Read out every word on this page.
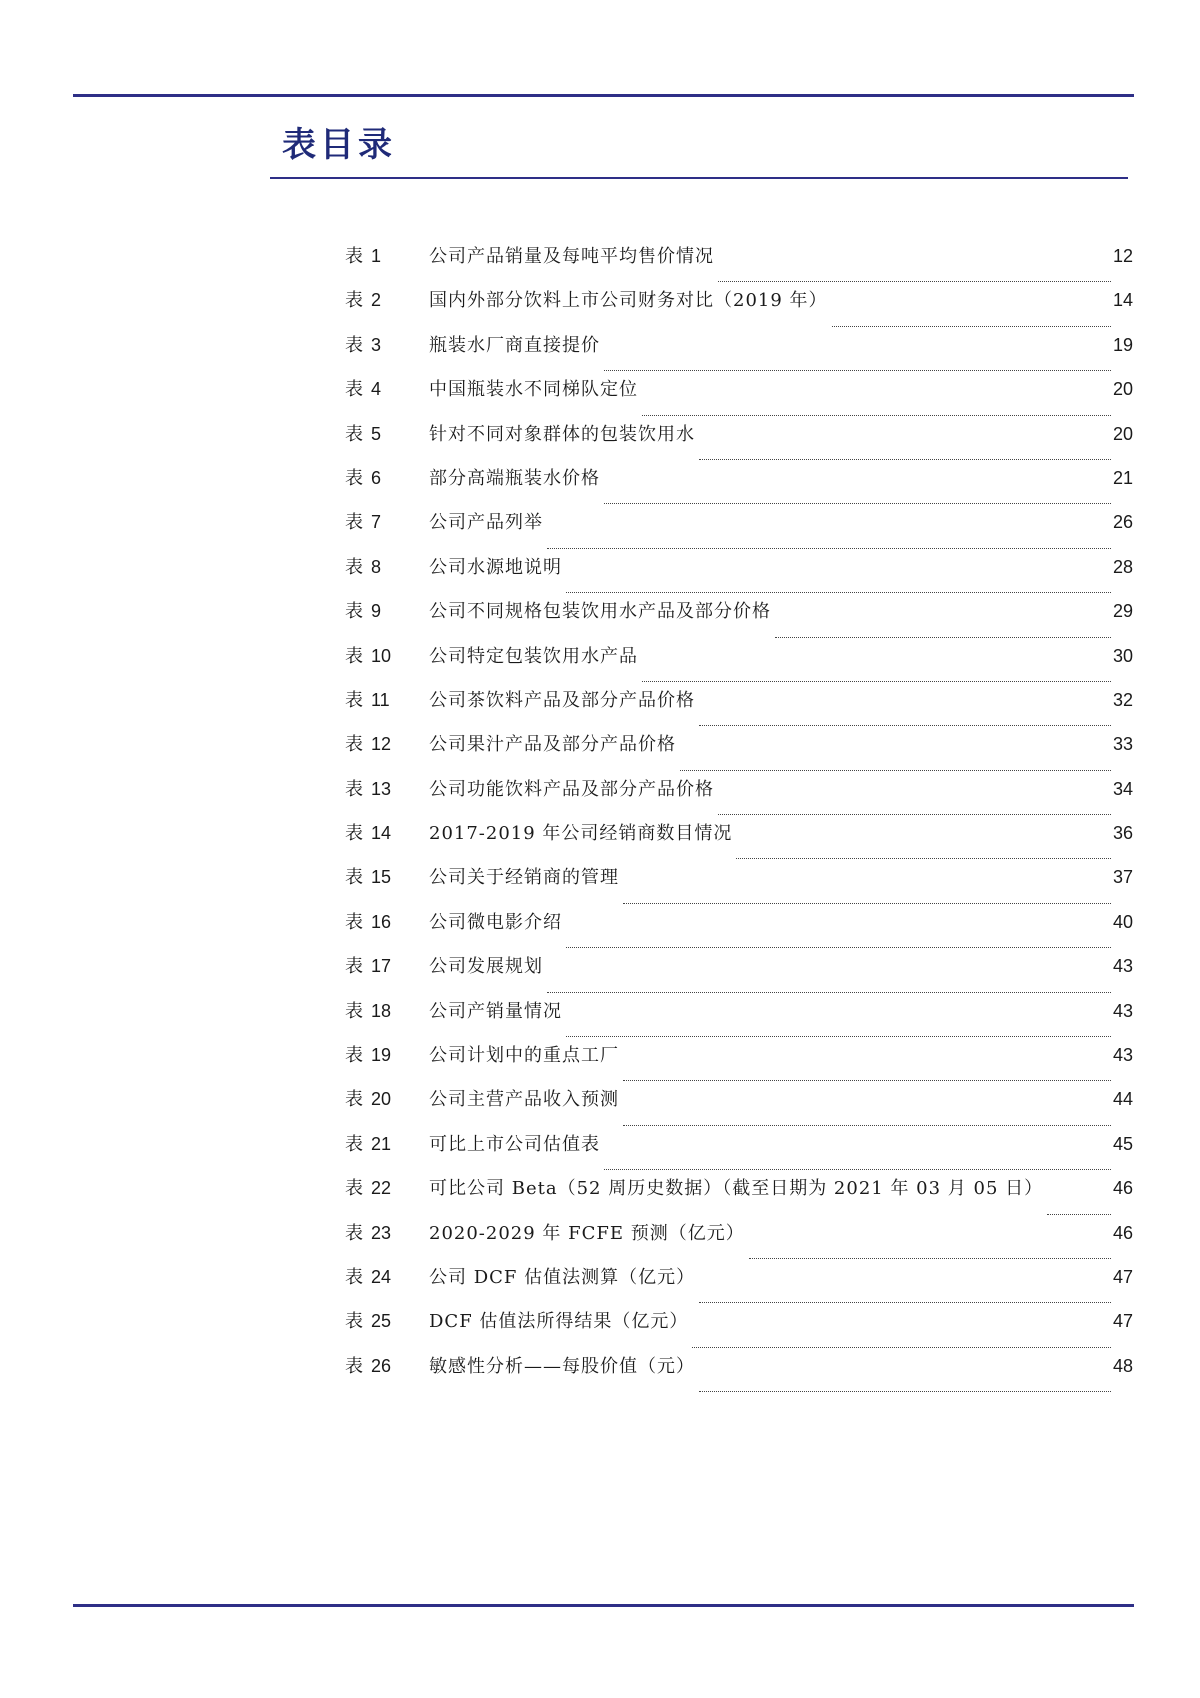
表目录
表 1	公司产品销量及每吨平均售价情况	12
表 2	国内外部分饮料上市公司财务对比（2019 年）	14
表 3	瓶装水厂商直接提价	19
表 4	中国瓶装水不同梯队定位	20
表 5	针对不同对象群体的包装饮用水	20
表 6	部分高端瓶装水价格	21
表 7	公司产品列举	26
表 8	公司水源地说明	28
表 9	公司不同规格包装饮用水产品及部分价格	29
表 10	公司特定包装饮用水产品	30
表 11	公司茶饮料产品及部分产品价格	32
表 12	公司果汁产品及部分产品价格	33
表 13	公司功能饮料产品及部分产品价格	34
表 14	2017-2019 年公司经销商数目情况	36
表 15	公司关于经销商的管理	37
表 16	公司微电影介绍	40
表 17	公司发展规划	43
表 18	公司产销量情况	43
表 19	公司计划中的重点工厂	43
表 20	公司主营产品收入预测	44
表 21	可比上市公司估值表	45
表 22	可比公司 Beta（52 周历史数据）（截至日期为 2021 年 03 月 05 日）	46
表 23	2020-2029 年 FCFE 预测（亿元）	46
表 24	公司 DCF 估值法测算（亿元）	47
表 25	DCF 估值法所得结果（亿元）	47
表 26	敏感性分析——每股价值（元）	48
